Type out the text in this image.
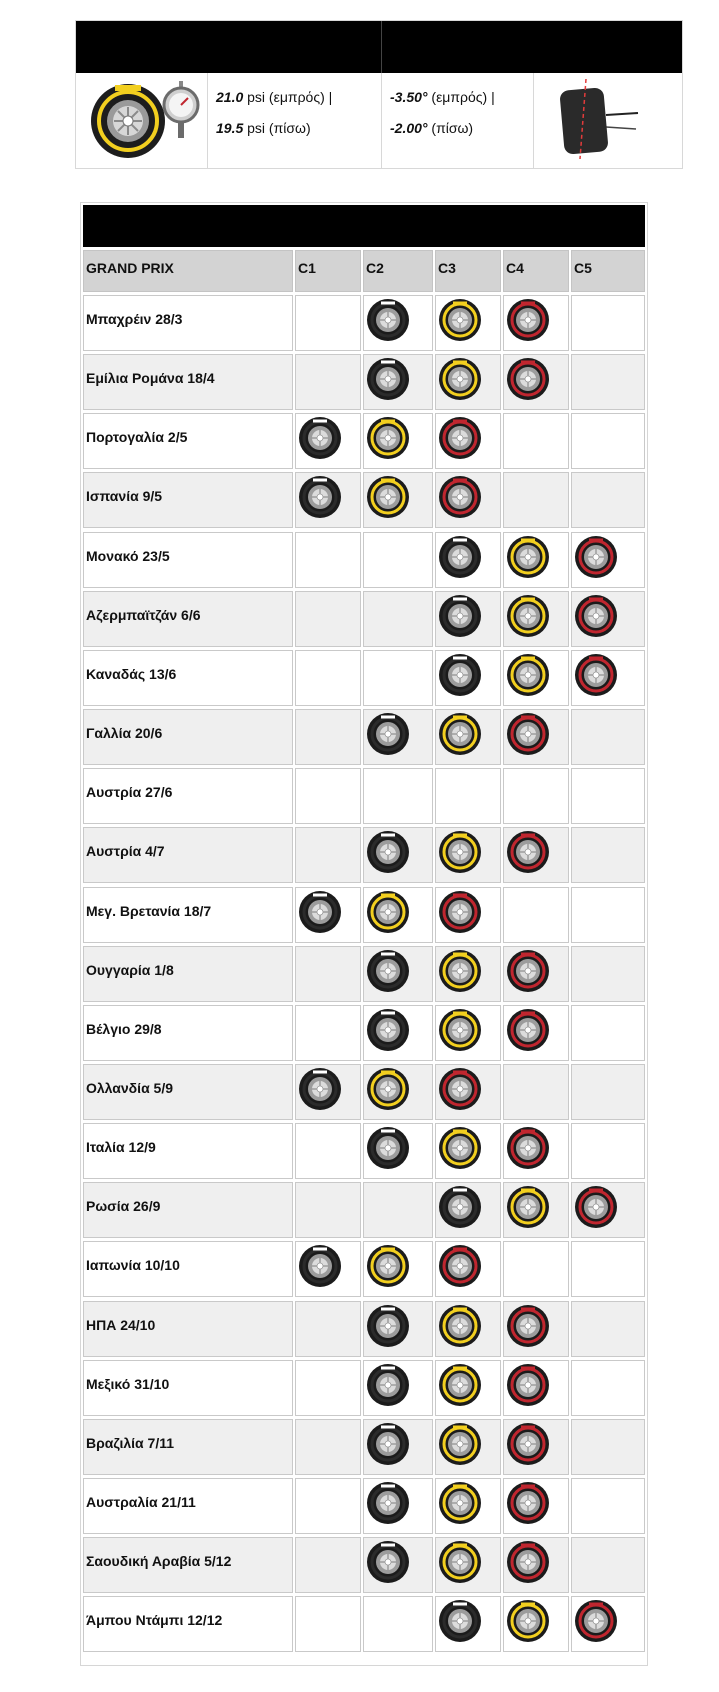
21.0 psi (εμπρός) |
19.5 psi (πίσω)
-3.50° (εμπρός) |
-2.00° (πίσω)
GRAND PRIX	C1	C2	C3	C4	C5
Μπαχρέιν 28/3
Εμίλια Ρομάνα 18/4
Πορτογαλία 2/5
Ισπανία 9/5
Μονακό 23/5
Αζερμπαϊτζάν 6/6
Καναδάς 13/6
Γαλλία 20/6
Αυστρία 27/6
Αυστρία 4/7
Μεγ. Βρετανία 18/7
Ουγγαρία 1/8
Βέλγιο 29/8
Ολλανδία 5/9
Ιταλία 12/9
Ρωσία 26/9
Ιαπωνία 10/10
ΗΠΑ 24/10
Μεξικό 31/10
Βραζιλία 7/11
Αυστραλία 21/11
Σαουδική Αραβία 5/12
Άμπου Ντάμπι 12/12
